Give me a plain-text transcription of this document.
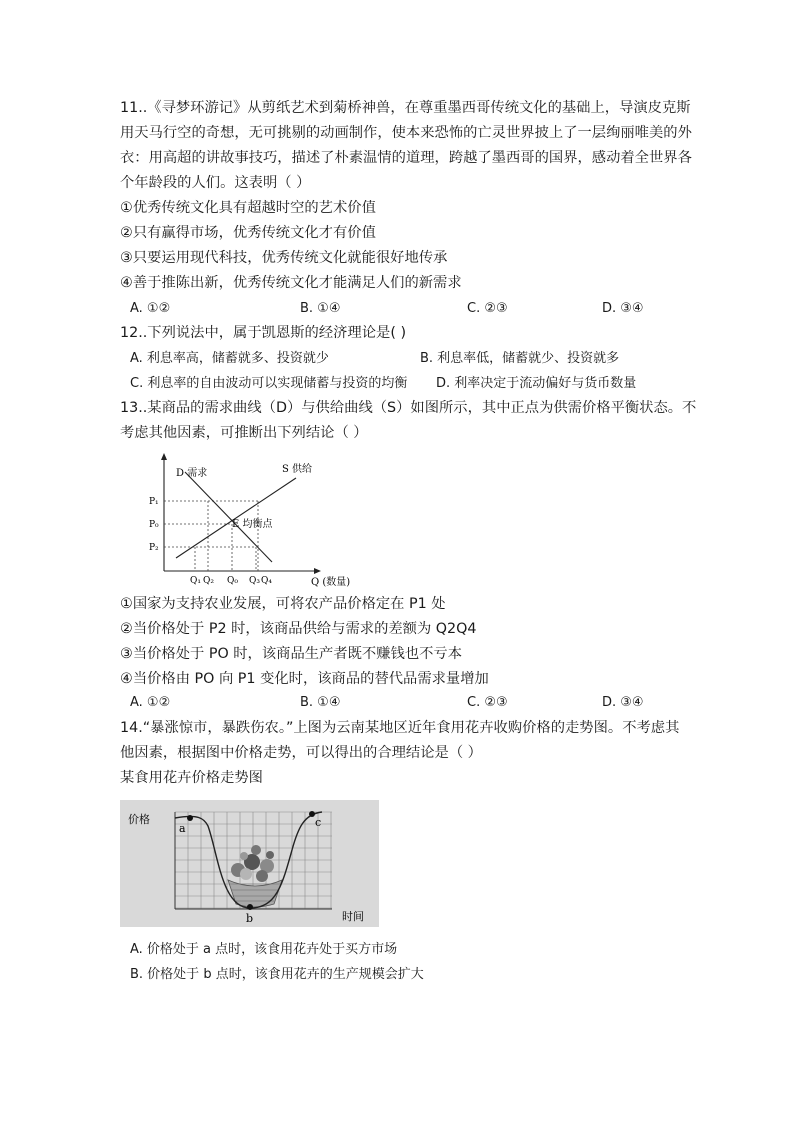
11..《寻梦环游记》从剪纸艺术到菊桥神兽，在尊重墨西哥传统文化的基础上，导演皮克斯
用天马行空的奇想，无可挑剔的动画制作，使本来恐怖的亡灵世界披上了一层绚丽唯美的外
衣：用高超的讲故事技巧，描述了朴素温情的道理，跨越了墨西哥的国界，感动着全世界各
个年龄段的人们。这表明（ ）
①优秀传统文化具有超越时空的艺术价值
②只有赢得市场，优秀传统文化才有价值
③只要运用现代科技，优秀传统文化就能很好地传承
④善于推陈出新，优秀传统文化才能满足人们的新需求
A. ①②	B. ①④	C. ②③	D. ③④
12..下列说法中，属于凯恩斯的经济理论是( )
A. 利息率高，储蓄就多、投资就少	B. 利息率低，储蓄就少、投资就多
C. 利息率的自由波动可以实现储蓄与投资的均衡 D. 利率决定于流动偏好与货币数量
13..某商品的需求曲线（D）与供给曲线（S）如图所示，其中正点为供需价格平衡状态。不
考虑其他因素，可推断出下列结论（ ）
D 需求	S 供给
E 均衡点
P₁
P₀
P₂
Q₁ Q₂ Q₀ Q₃ Q₄	Q (数量)
①国家为支持农业发展，可将农产品价格定在 P1 处
②当价格处于 P2 时，该商品供给与需求的差额为 Q2Q4
③当价格处于 PO 时，该商品生产者既不赚钱也不亏本
④当价格由 PO 向 P1 变化时，该商品的替代品需求量增加
A. ①②	B. ①④	C. ②③	D. ③④
14.“暴涨惊市，暴跌伤农。”上图为云南某地区近年食用花卉收购价格的走势图。不考虑其
他因素，根据图中价格走势，可以得出的合理结论是（ ）
某食用花卉价格走势图
价格
a
b
c
时间
A. 价格处于 a 点时，该食用花卉处于买方市场
B. 价格处于 b 点时，该食用花卉的生产规模会扩大
